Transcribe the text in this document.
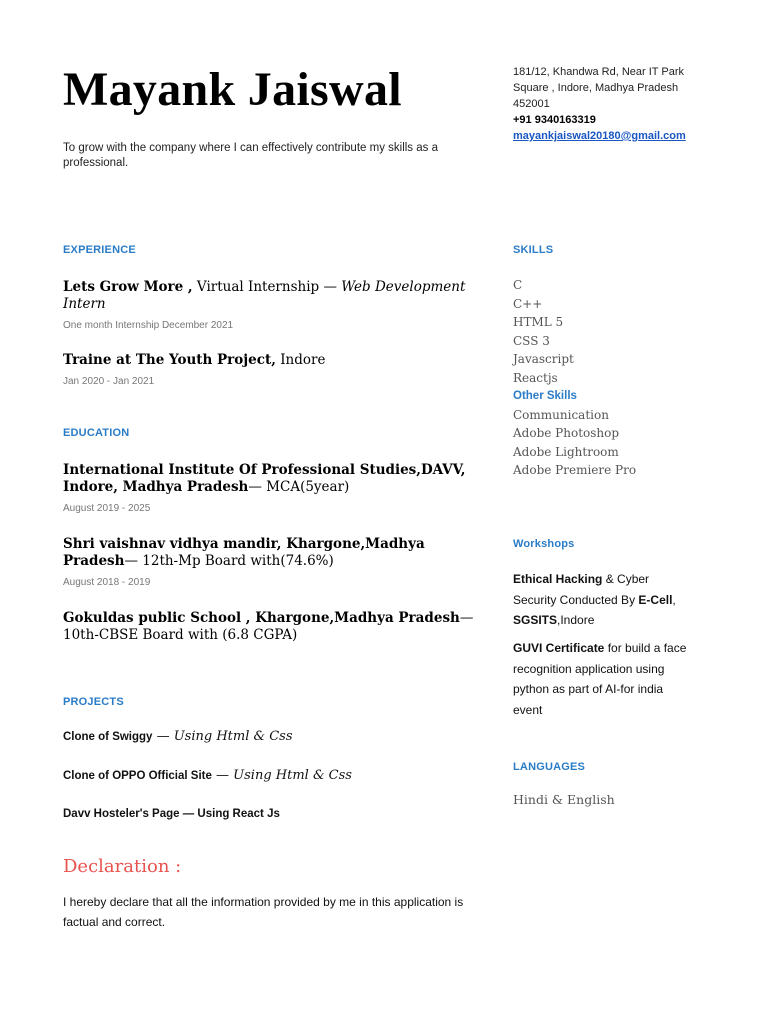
Mayank Jaiswal
To grow with the company where I can effectively contribute my skills as a professional.
181/12, Khandwa Rd, Near IT Park
Square , Indore, Madhya Pradesh
452001
+91 9340163319
mayankjaiswal20180@gmail.com
EXPERIENCE
Lets Grow More , Virtual Internship — Web Development Intern
One month Internship December 2021
Traine at The Youth Project, Indore
Jan 2020 - Jan 2021
EDUCATION
International Institute Of Professional Studies,DAVV, Indore, Madhya Pradesh— MCA(5year)
August 2019 - 2025
Shri vaishnav vidhya mandir, Khargone,Madhya Pradesh— 12th-Mp Board with(74.6%)
August 2018 - 2019
Gokuldas public School , Khargone,Madhya Pradesh— 10th-CBSE Board with (6.8 CGPA)
PROJECTS
Clone of Swiggy — Using Html & Css
Clone of OPPO Official Site — Using Html & Css
Davv Hosteler's Page — Using React Js
Declaration :
I hereby declare that all the information provided by me in this application is factual and correct.
SKILLS
C
C++
HTML 5
CSS 3
Javascript
Reactjs
Other Skills
Communication
Adobe Photoshop
Adobe Lightroom
Adobe Premiere Pro
Workshops
Ethical Hacking & Cyber Security Conducted By E-Cell, SGSITS,Indore
GUVI Certificate for build a face recognition application using python as part of AI-for india event
LANGUAGES
Hindi & English
